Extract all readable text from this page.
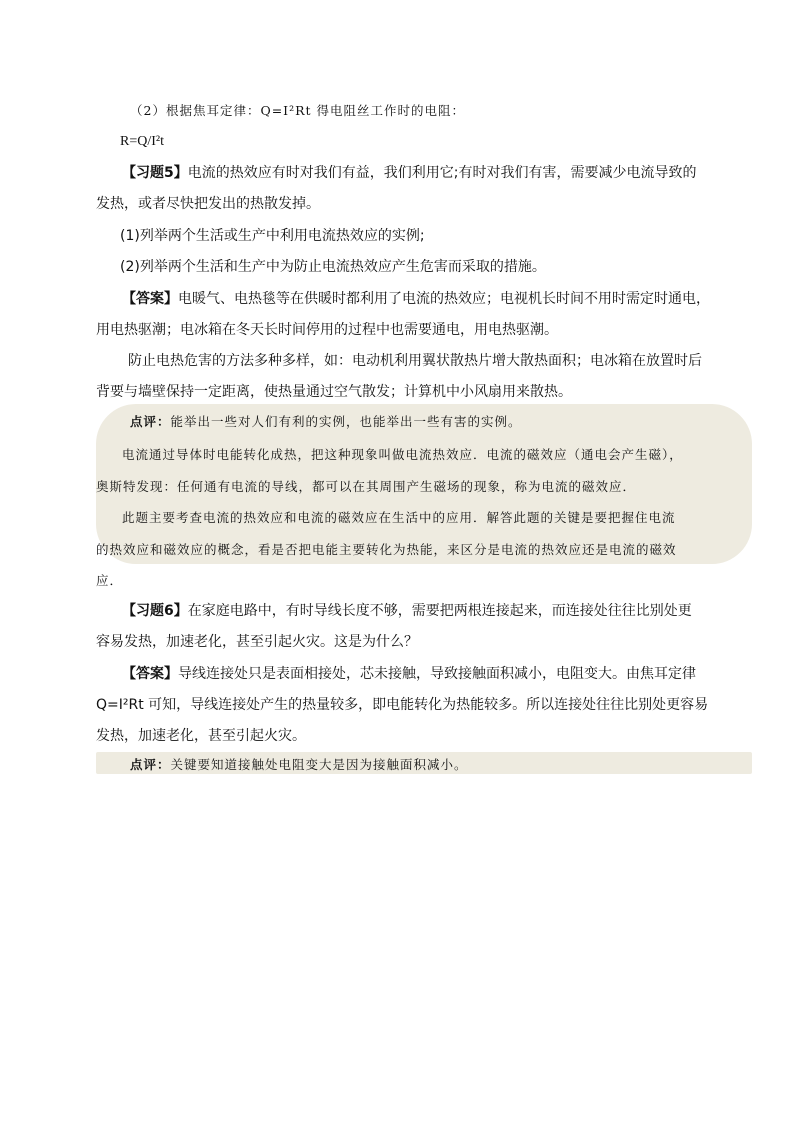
（2）根据焦耳定律：Q=I²Rt 得电阻丝工作时的电阻：
R=Q/I²t
【习题5】电流的热效应有时对我们有益，我们利用它;有时对我们有害，需要减少电流导致的
发热，或者尽快把发出的热散发掉。
(1)列举两个生活或生产中利用电流热效应的实例;
(2)列举两个生活和生产中为防止电流热效应产生危害而采取的措施。
【答案】电暖气、电热毯等在供暖时都利用了电流的热效应；电视机长时间不用时需定时通电，
用电热驱潮；电冰箱在冬天长时间停用的过程中也需要通电，用电热驱潮。
防止电热危害的方法多种多样，如：电动机利用翼状散热片增大散热面积；电冰箱在放置时后
背要与墙壁保持一定距离，使热量通过空气散发；计算机中小风扇用来散热。
点评：能举出一些对人们有利的实例，也能举出一些有害的实例。
电流通过导体时电能转化成热，把这种现象叫做电流热效应．电流的磁效应（通电会产生磁），
奥斯特发现：任何通有电流的导线，都可以在其周围产生磁场的现象，称为电流的磁效应．
此题主要考查电流的热效应和电流的磁效应在生活中的应用．解答此题的关键是要把握住电流
的热效应和磁效应的概念，看是否把电能主要转化为热能，来区分是电流的热效应还是电流的磁效
应．
【习题6】在家庭电路中，有时导线长度不够，需要把两根连接起来，而连接处往往比别处更
容易发热，加速老化，甚至引起火灾。这是为什么？
【答案】导线连接处只是表面相接处，芯未接触，导致接触面积减小，电阻变大。由焦耳定律
Q=I²Rt 可知，导线连接处产生的热量较多，即电能转化为热能较多。所以连接处往往比别处更容易
发热，加速老化，甚至引起火灾。
点评：关键要知道接触处电阻变大是因为接触面积减小。
